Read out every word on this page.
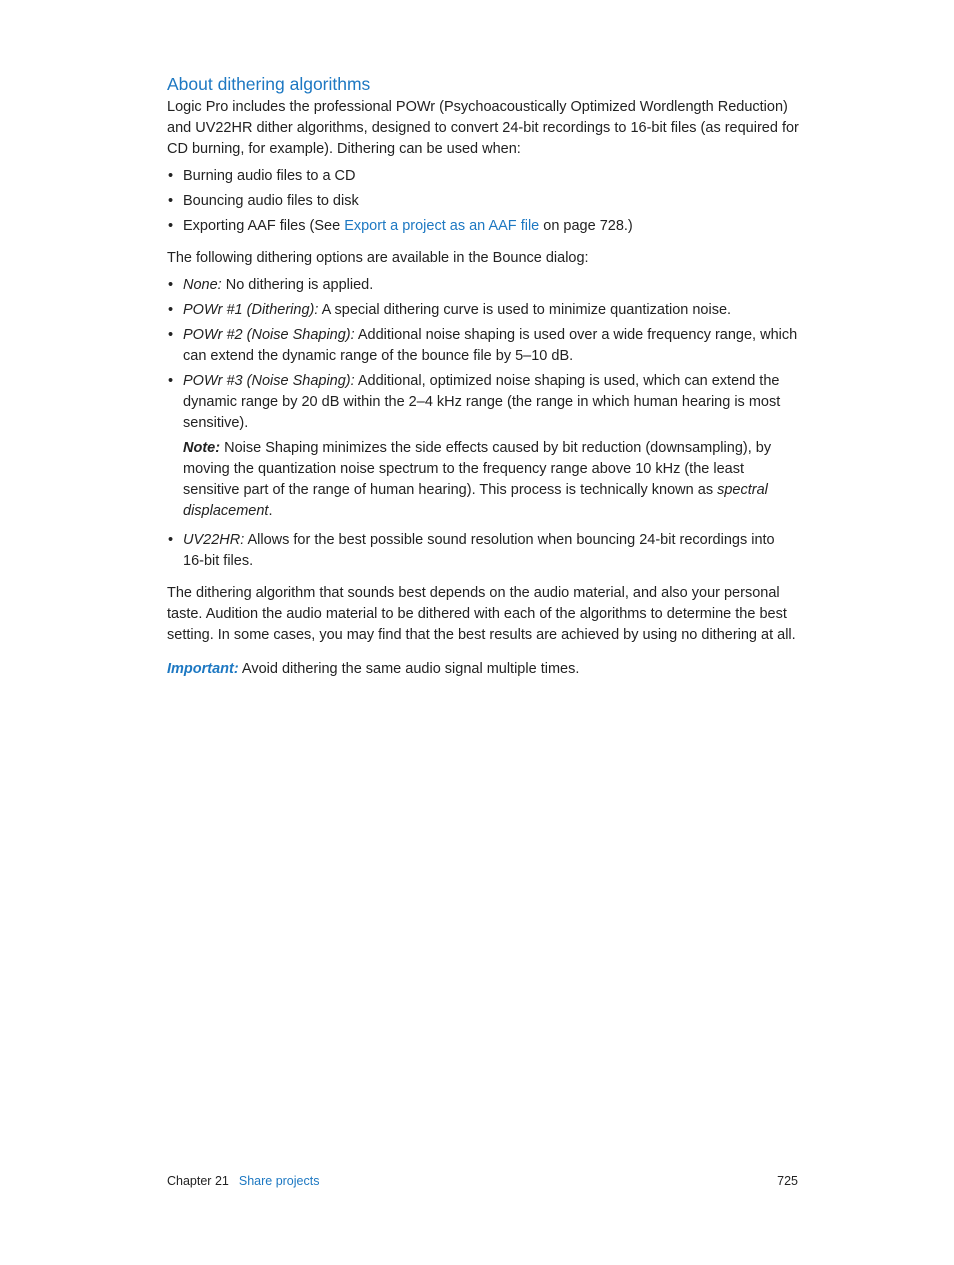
About dithering algorithms

Logic Pro includes the professional POWr (Psychoacoustically Optimized Wordlength Reduction) and UV22HR dither algorithms, designed to convert 24-bit recordings to 16-bit files (as required for CD burning, for example). Dithering can be used when:

• Burning audio files to a CD
• Bouncing audio files to disk
• Exporting AAF files (See Export a project as an AAF file on page 728.)

The following dithering options are available in the Bounce dialog:

• None: No dithering is applied.
• POWr #1 (Dithering): A special dithering curve is used to minimize quantization noise.
• POWr #2 (Noise Shaping): Additional noise shaping is used over a wide frequency range, which can extend the dynamic range of the bounce file by 5–10 dB.
• POWr #3 (Noise Shaping): Additional, optimized noise shaping is used, which can extend the dynamic range by 20 dB within the 2–4 kHz range (the range in which human hearing is most sensitive).
Note: Noise Shaping minimizes the side effects caused by bit reduction (downsampling), by moving the quantization noise spectrum to the frequency range above 10 kHz (the least sensitive part of the range of human hearing). This process is technically known as spectral displacement.
• UV22HR: Allows for the best possible sound resolution when bouncing 24-bit recordings into 16-bit files.

The dithering algorithm that sounds best depends on the audio material, and also your personal taste. Audition the audio material to be dithered with each of the algorithms to determine the best setting. In some cases, you may find that the best results are achieved by using no dithering at all.

Important: Avoid dithering the same audio signal multiple times.

Chapter 21 Share projects	725
